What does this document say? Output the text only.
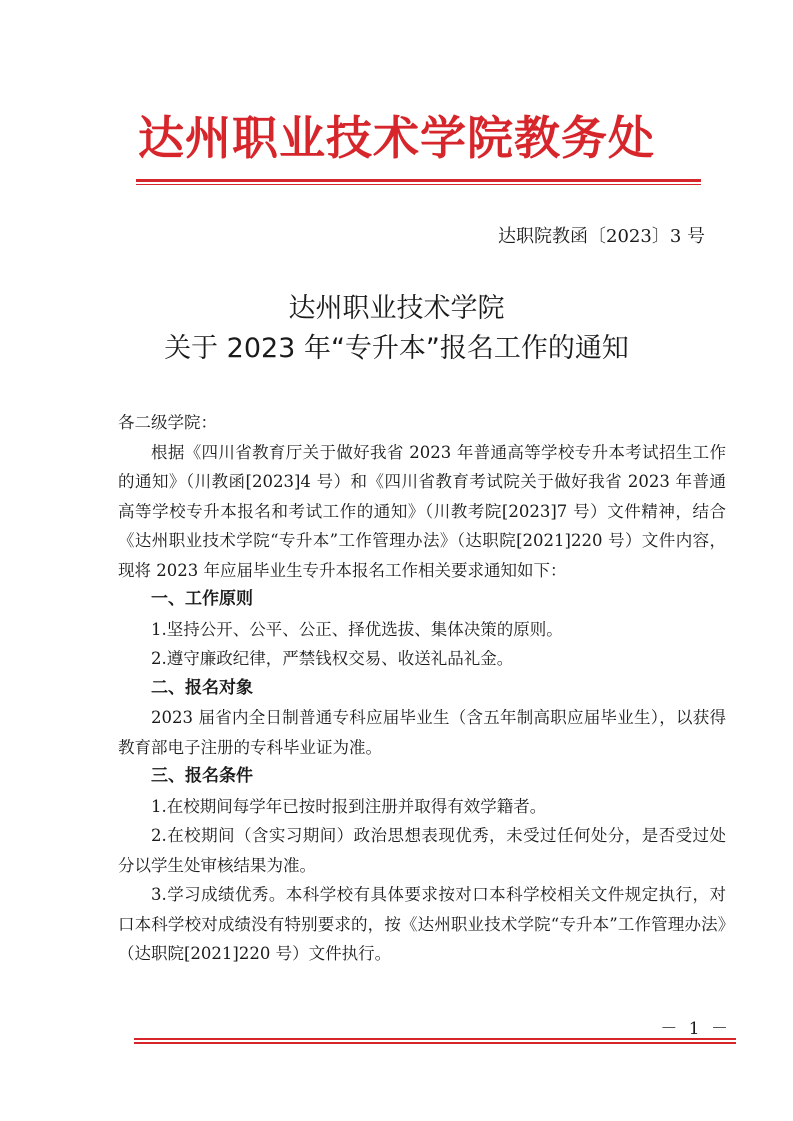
达州职业技术学院教务处
达职院教函〔2023〕3 号
达州职业技术学院
关于 2023 年“专升本”报名工作的通知

各二级学院：

根据《四川省教育厅关于做好我省 2023 年普通高等学校专升本考试招生工作的通知》（川教函[2023]4 号）和《四川省教育考试院关于做好我省 2023 年普通高等学校专升本报名和考试工作的通知》（川教考院[2023]7 号）文件精神，结合《达州职业技术学院“专升本”工作管理办法》（达职院[2021]220 号）文件内容，现将 2023 年应届毕业生专升本报名工作相关要求通知如下：

一、工作原则

1.坚持公开、公平、公正、择优选拔、集体决策的原则。

2.遵守廉政纪律，严禁钱权交易、收送礼品礼金。

二、报名对象

2023 届省内全日制普通专科应届毕业生（含五年制高职应届毕业生），以获得教育部电子注册的专科毕业证为准。

三、报名条件

1.在校期间每学年已按时报到注册并取得有效学籍者。

2.在校期间（含实习期间）政治思想表现优秀，未受过任何处分，是否受过处分以学生处审核结果为准。

3.学习成绩优秀。本科学校有具体要求按对口本科学校相关文件规定执行，对口本科学校对成绩没有特别要求的，按《达州职业技术学院“专升本”工作管理办法》（达职院[2021]220 号）文件执行。

－ 1 －
